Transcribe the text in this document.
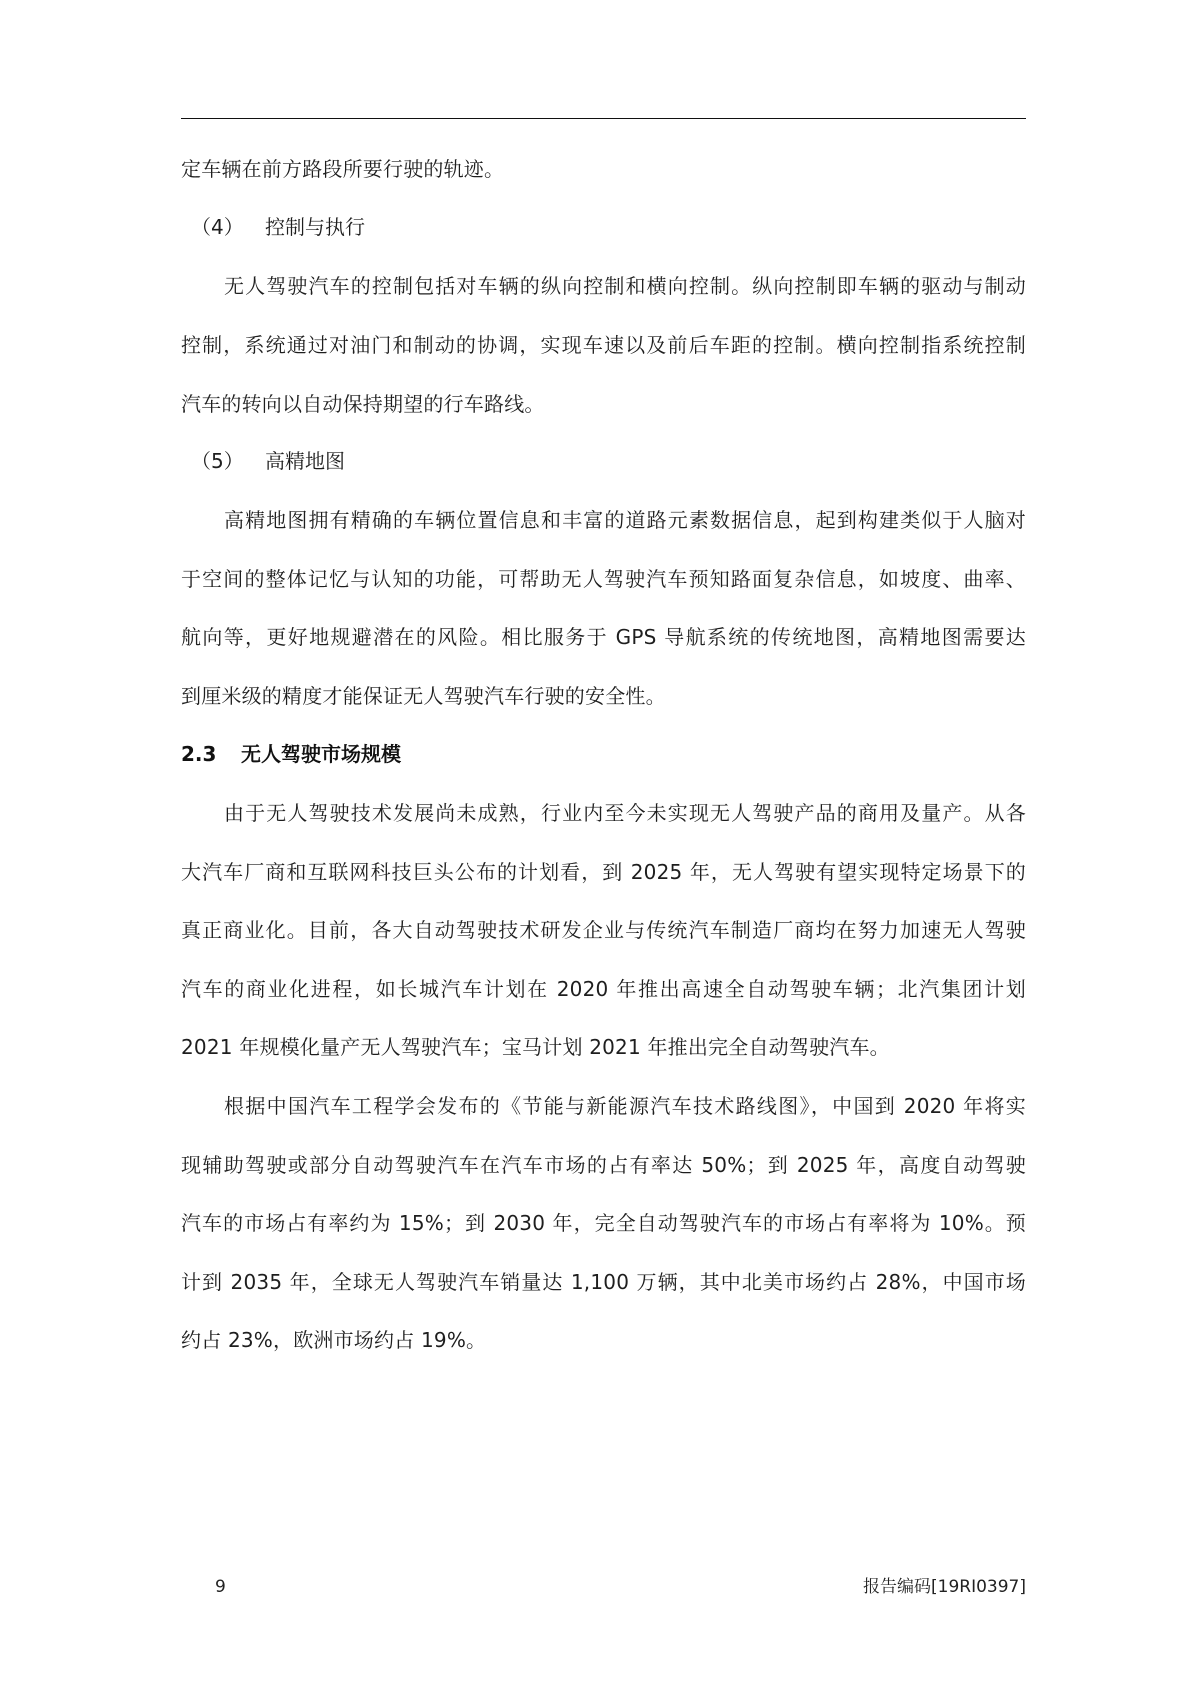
定车辆在前方路段所要行驶的轨迹。
（4） 控制与执行
无人驾驶汽车的控制包括对车辆的纵向控制和横向控制。纵向控制即车辆的驱动与制动
控制，系统通过对油门和制动的协调，实现车速以及前后车距的控制。横向控制指系统控制
汽车的转向以自动保持期望的行车路线。
（5） 高精地图
高精地图拥有精确的车辆位置信息和丰富的道路元素数据信息，起到构建类似于人脑对
于空间的整体记忆与认知的功能，可帮助无人驾驶汽车预知路面复杂信息，如坡度、曲率、
航向等，更好地规避潜在的风险。相比服务于 GPS 导航系统的传统地图，高精地图需要达
到厘米级的精度才能保证无人驾驶汽车行驶的安全性。
2.3 无人驾驶市场规模
由于无人驾驶技术发展尚未成熟，行业内至今未实现无人驾驶产品的商用及量产。从各
大汽车厂商和互联网科技巨头公布的计划看，到 2025 年，无人驾驶有望实现特定场景下的
真正商业化。目前，各大自动驾驶技术研发企业与传统汽车制造厂商均在努力加速无人驾驶
汽车的商业化进程，如长城汽车计划在 2020 年推出高速全自动驾驶车辆；北汽集团计划
2021 年规模化量产无人驾驶汽车；宝马计划 2021 年推出完全自动驾驶汽车。
根据中国汽车工程学会发布的《节能与新能源汽车技术路线图》，中国到 2020 年将实
现辅助驾驶或部分自动驾驶汽车在汽车市场的占有率达 50%；到 2025 年，高度自动驾驶
汽车的市场占有率约为 15%；到 2030 年，完全自动驾驶汽车的市场占有率将为 10%。预
计到 2035 年，全球无人驾驶汽车销量达 1,100 万辆，其中北美市场约占 28%，中国市场
约占 23%，欧洲市场约占 19%。
9	报告编码[19RI0397]
